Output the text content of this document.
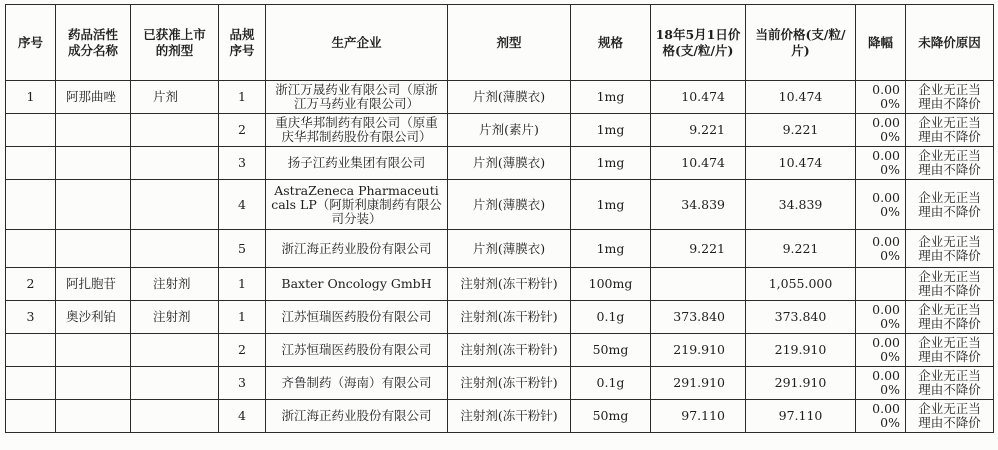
序号	药品活性成分名称	已获准上市的剂型	品规序号	生产企业	剂型	规格	18年5月1日价格(支/粒/片)	当前价格(支/粒/片)	降幅	未降价原因
1	阿那曲唑	片剂	1	浙江万晟药业有限公司（原浙江万马药业有限公司）	片剂(薄膜衣)	1mg	10.474	10.474	0.000%	企业无正当理由不降价
			2	重庆华邦制药有限公司（原重庆华邦制药股份有限公司）	片剂(素片)	1mg	9.221	9.221	0.000%	企业无正当理由不降价
			3	扬子江药业集团有限公司	片剂(薄膜衣)	1mg	10.474	10.474	0.000%	企业无正当理由不降价
			4	AstraZeneca Pharmaceuticals LP（阿斯利康制药有限公司分装）	片剂(薄膜衣)	1mg	34.839	34.839	0.000%	企业无正当理由不降价
			5	浙江海正药业股份有限公司	片剂(薄膜衣)	1mg	9.221	9.221	0.000%	企业无正当理由不降价
2	阿扎胞苷	注射剂	1	Baxter Oncology GmbH	注射剂(冻干粉针)	100mg		1,055.000		企业无正当理由不降价
3	奥沙利铂	注射剂	1	江苏恒瑞医药股份有限公司	注射剂(冻干粉针)	0.1g	373.840	373.840	0.000%	企业无正当理由不降价
			2	江苏恒瑞医药股份有限公司	注射剂(冻干粉针)	50mg	219.910	219.910	0.000%	企业无正当理由不降价
			3	齐鲁制药（海南）有限公司	注射剂(冻干粉针)	0.1g	291.910	291.910	0.000%	企业无正当理由不降价
			4	浙江海正药业股份有限公司	注射剂(冻干粉针)	50mg	97.110	97.110	0.000%	企业无正当理由不降价
